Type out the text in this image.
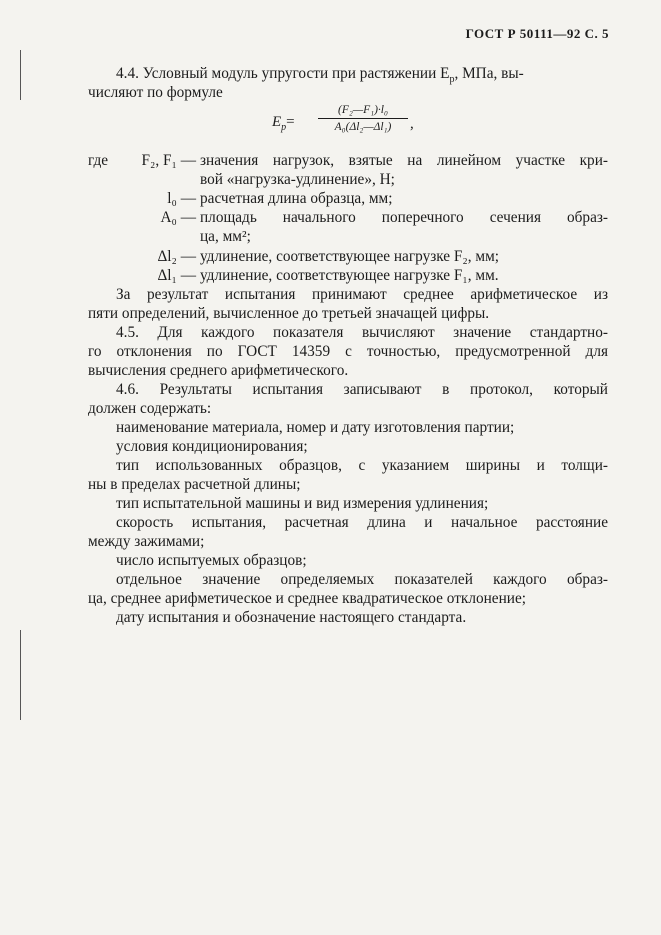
ГОСТ Р 50111—92 С. 5
4.4. Условный модуль упругости при растяжении $E_р$, МПа, вы-
числяют по формуле
$E_р= \frac{\text{(F₂—F₁)·l₀}}{\text{A₀(Δl₂—Δl₁)}}$ ,
где	F₂, F₁ — значения нагрузок, взятые на линейном участке кри-
вой «нагрузка-удлинение», Н;
l₀ — расчетная длина образца, мм;
A₀ — площадь начального поперечного сечения образ-
ца, мм²;
Δl₂ — удлинение, соответствующее нагрузке F₂, мм;
Δl₁ — удлинение, соответствующее нагрузке F₁, мм.
За результат испытания принимают среднее арифметическое из
пяти определений, вычисленное до третьей значащей цифры.
4.5. Для каждого показателя вычисляют значение стандартно-
го отклонения по ГОСТ 14359 с точностью, предусмотренной для
вычисления среднего арифметического.
4.6. Результаты испытания записывают в протокол, который
должен содержать:
наименование материала, номер и дату изготовления партии;
условия кондиционирования;
тип использованных образцов, с указанием ширины и толщи-
ны в пределах расчетной длины;
тип испытательной машины и вид измерения удлинения;
скорость испытания, расчетная длина и начальное расстояние
между зажимами;
число испытуемых образцов;
отдельное значение определяемых показателей каждого образ-
ца, среднее арифметическое и среднее квадратическое отклонение;
дату испытания и обозначение настоящего стандарта.
